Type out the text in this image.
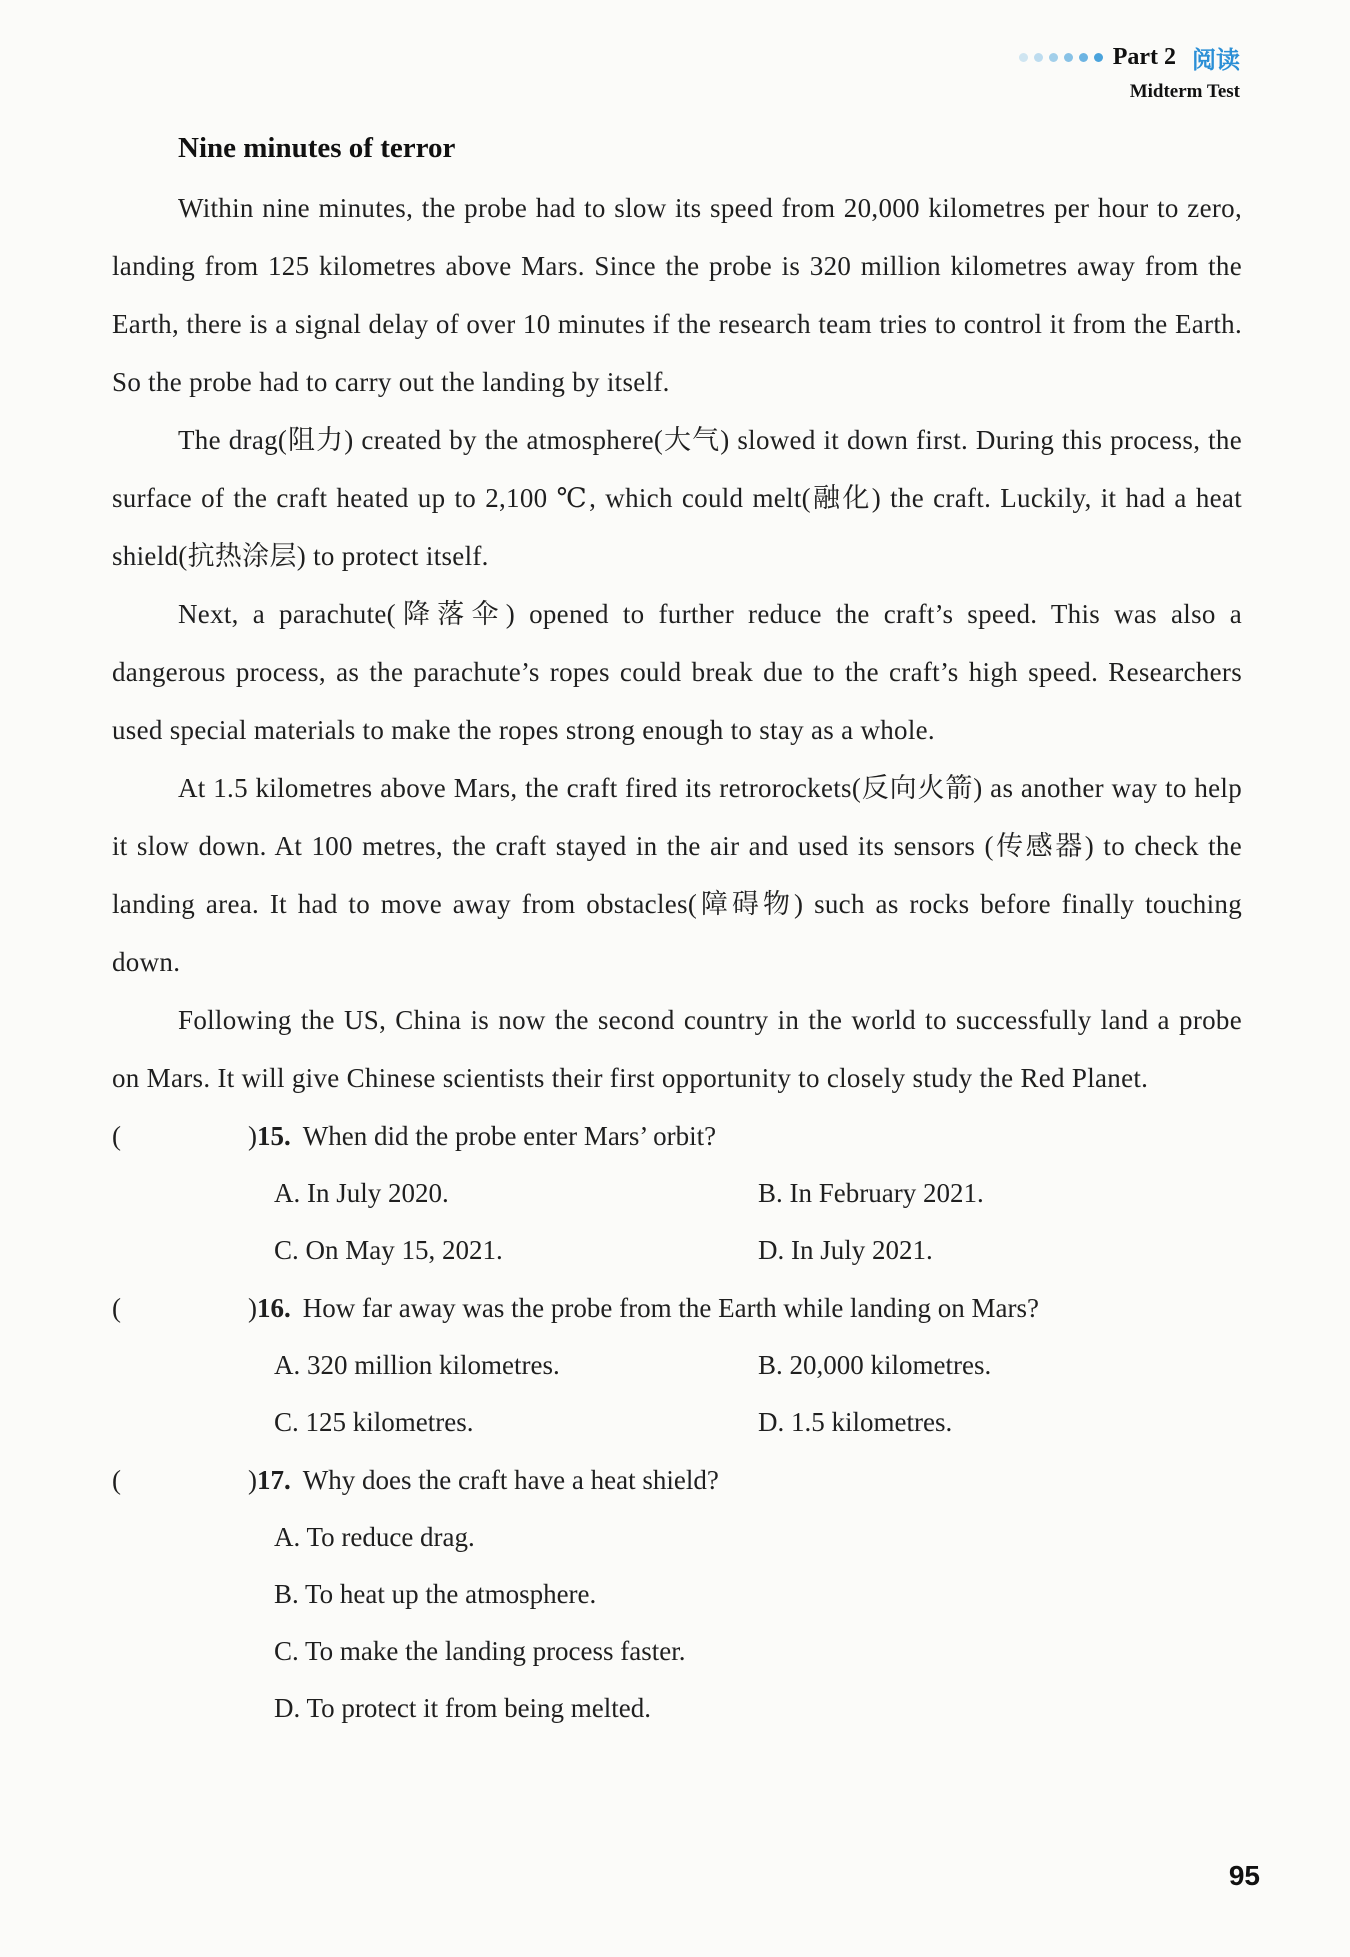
Part 2 阅读
Midterm Test
Nine minutes of terror

Within nine minutes, the probe had to slow its speed from 20,000 kilometres per hour to zero, landing from 125 kilometres above Mars. Since the probe is 320 million kilometres away from the Earth, there is a signal delay of over 10 minutes if the research team tries to control it from the Earth. So the probe had to carry out the landing by itself.

The drag(阻力) created by the atmosphere(大气) slowed it down first. During this process, the surface of the craft heated up to 2,100 ℃, which could melt(融化) the craft. Luckily, it had a heat shield(抗热涂层) to protect itself.

Next, a parachute(降落伞) opened to further reduce the craft’s speed. This was also a dangerous process, as the parachute’s ropes could break due to the craft’s high speed. Researchers used special materials to make the ropes strong enough to stay as a whole.

At 1.5 kilometres above Mars, the craft fired its retrorockets(反向火箭) as another way to help it slow down. At 100 metres, the craft stayed in the air and used its sensors (传感器) to check the landing area. It had to move away from obstacles(障碍物) such as rocks before finally touching down.

Following the US, China is now the second country in the world to successfully land a probe on Mars. It will give Chinese scientists their first opportunity to closely study the Red Planet.

(	) 15. When did the probe enter Mars’ orbit?
A. In July 2020.	B. In February 2021.
C. On May 15, 2021.	D. In July 2021.
(	) 16. How far away was the probe from the Earth while landing on Mars?
A. 320 million kilometres.	B. 20,000 kilometres.
C. 125 kilometres.	D. 1.5 kilometres.
(	) 17. Why does the craft have a heat shield?
A. To reduce drag.
B. To heat up the atmosphere.
C. To make the landing process faster.
D. To protect it from being melted.
95
